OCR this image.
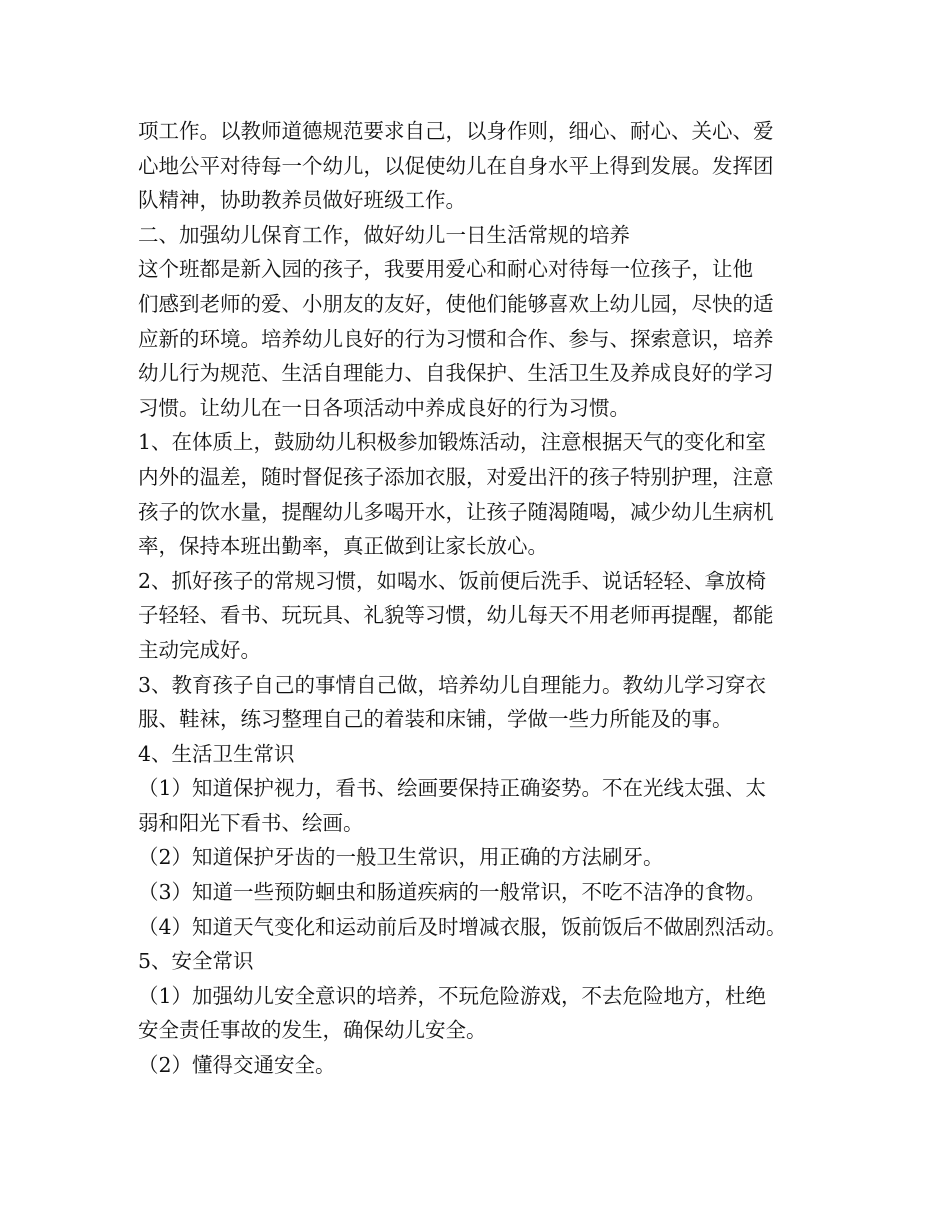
项工作。以教师道德规范要求自己，以身作则，细心、耐心、关心、爱
心地公平对待每一个幼儿，以促使幼儿在自身水平上得到发展。发挥团
队精神，协助教养员做好班级工作。
二、加强幼儿保育工作，做好幼儿一日生活常规的培养
这个班都是新入园的孩子，我要用爱心和耐心对待每一位孩子，让他
们感到老师的爱、小朋友的友好，使他们能够喜欢上幼儿园，尽快的适
应新的环境。培养幼儿良好的行为习惯和合作、参与、探索意识，培养
幼儿行为规范、生活自理能力、自我保护、生活卫生及养成良好的学习
习惯。让幼儿在一日各项活动中养成良好的行为习惯。
1、在体质上，鼓励幼儿积极参加锻炼活动，注意根据天气的变化和室
内外的温差，随时督促孩子添加衣服，对爱出汗的孩子特别护理，注意
孩子的饮水量，提醒幼儿多喝开水，让孩子随渴随喝，减少幼儿生病机
率，保持本班出勤率，真正做到让家长放心。
2、抓好孩子的常规习惯，如喝水、饭前便后洗手、说话轻轻、拿放椅
子轻轻、看书、玩玩具、礼貌等习惯，幼儿每天不用老师再提醒，都能
主动完成好。
3、教育孩子自己的事情自己做，培养幼儿自理能力。教幼儿学习穿衣
服、鞋袜，练习整理自己的着装和床铺，学做一些力所能及的事。
4、生活卫生常识
（1）知道保护视力，看书、绘画要保持正确姿势。不在光线太强、太
弱和阳光下看书、绘画。
（2）知道保护牙齿的一般卫生常识，用正确的方法刷牙。
（3）知道一些预防蛔虫和肠道疾病的一般常识，不吃不洁净的食物。
（4）知道天气变化和运动前后及时增减衣服，饭前饭后不做剧烈活动。
5、安全常识
（1）加强幼儿安全意识的培养，不玩危险游戏，不去危险地方，杜绝
安全责任事故的发生，确保幼儿安全。
（2）懂得交通安全。
